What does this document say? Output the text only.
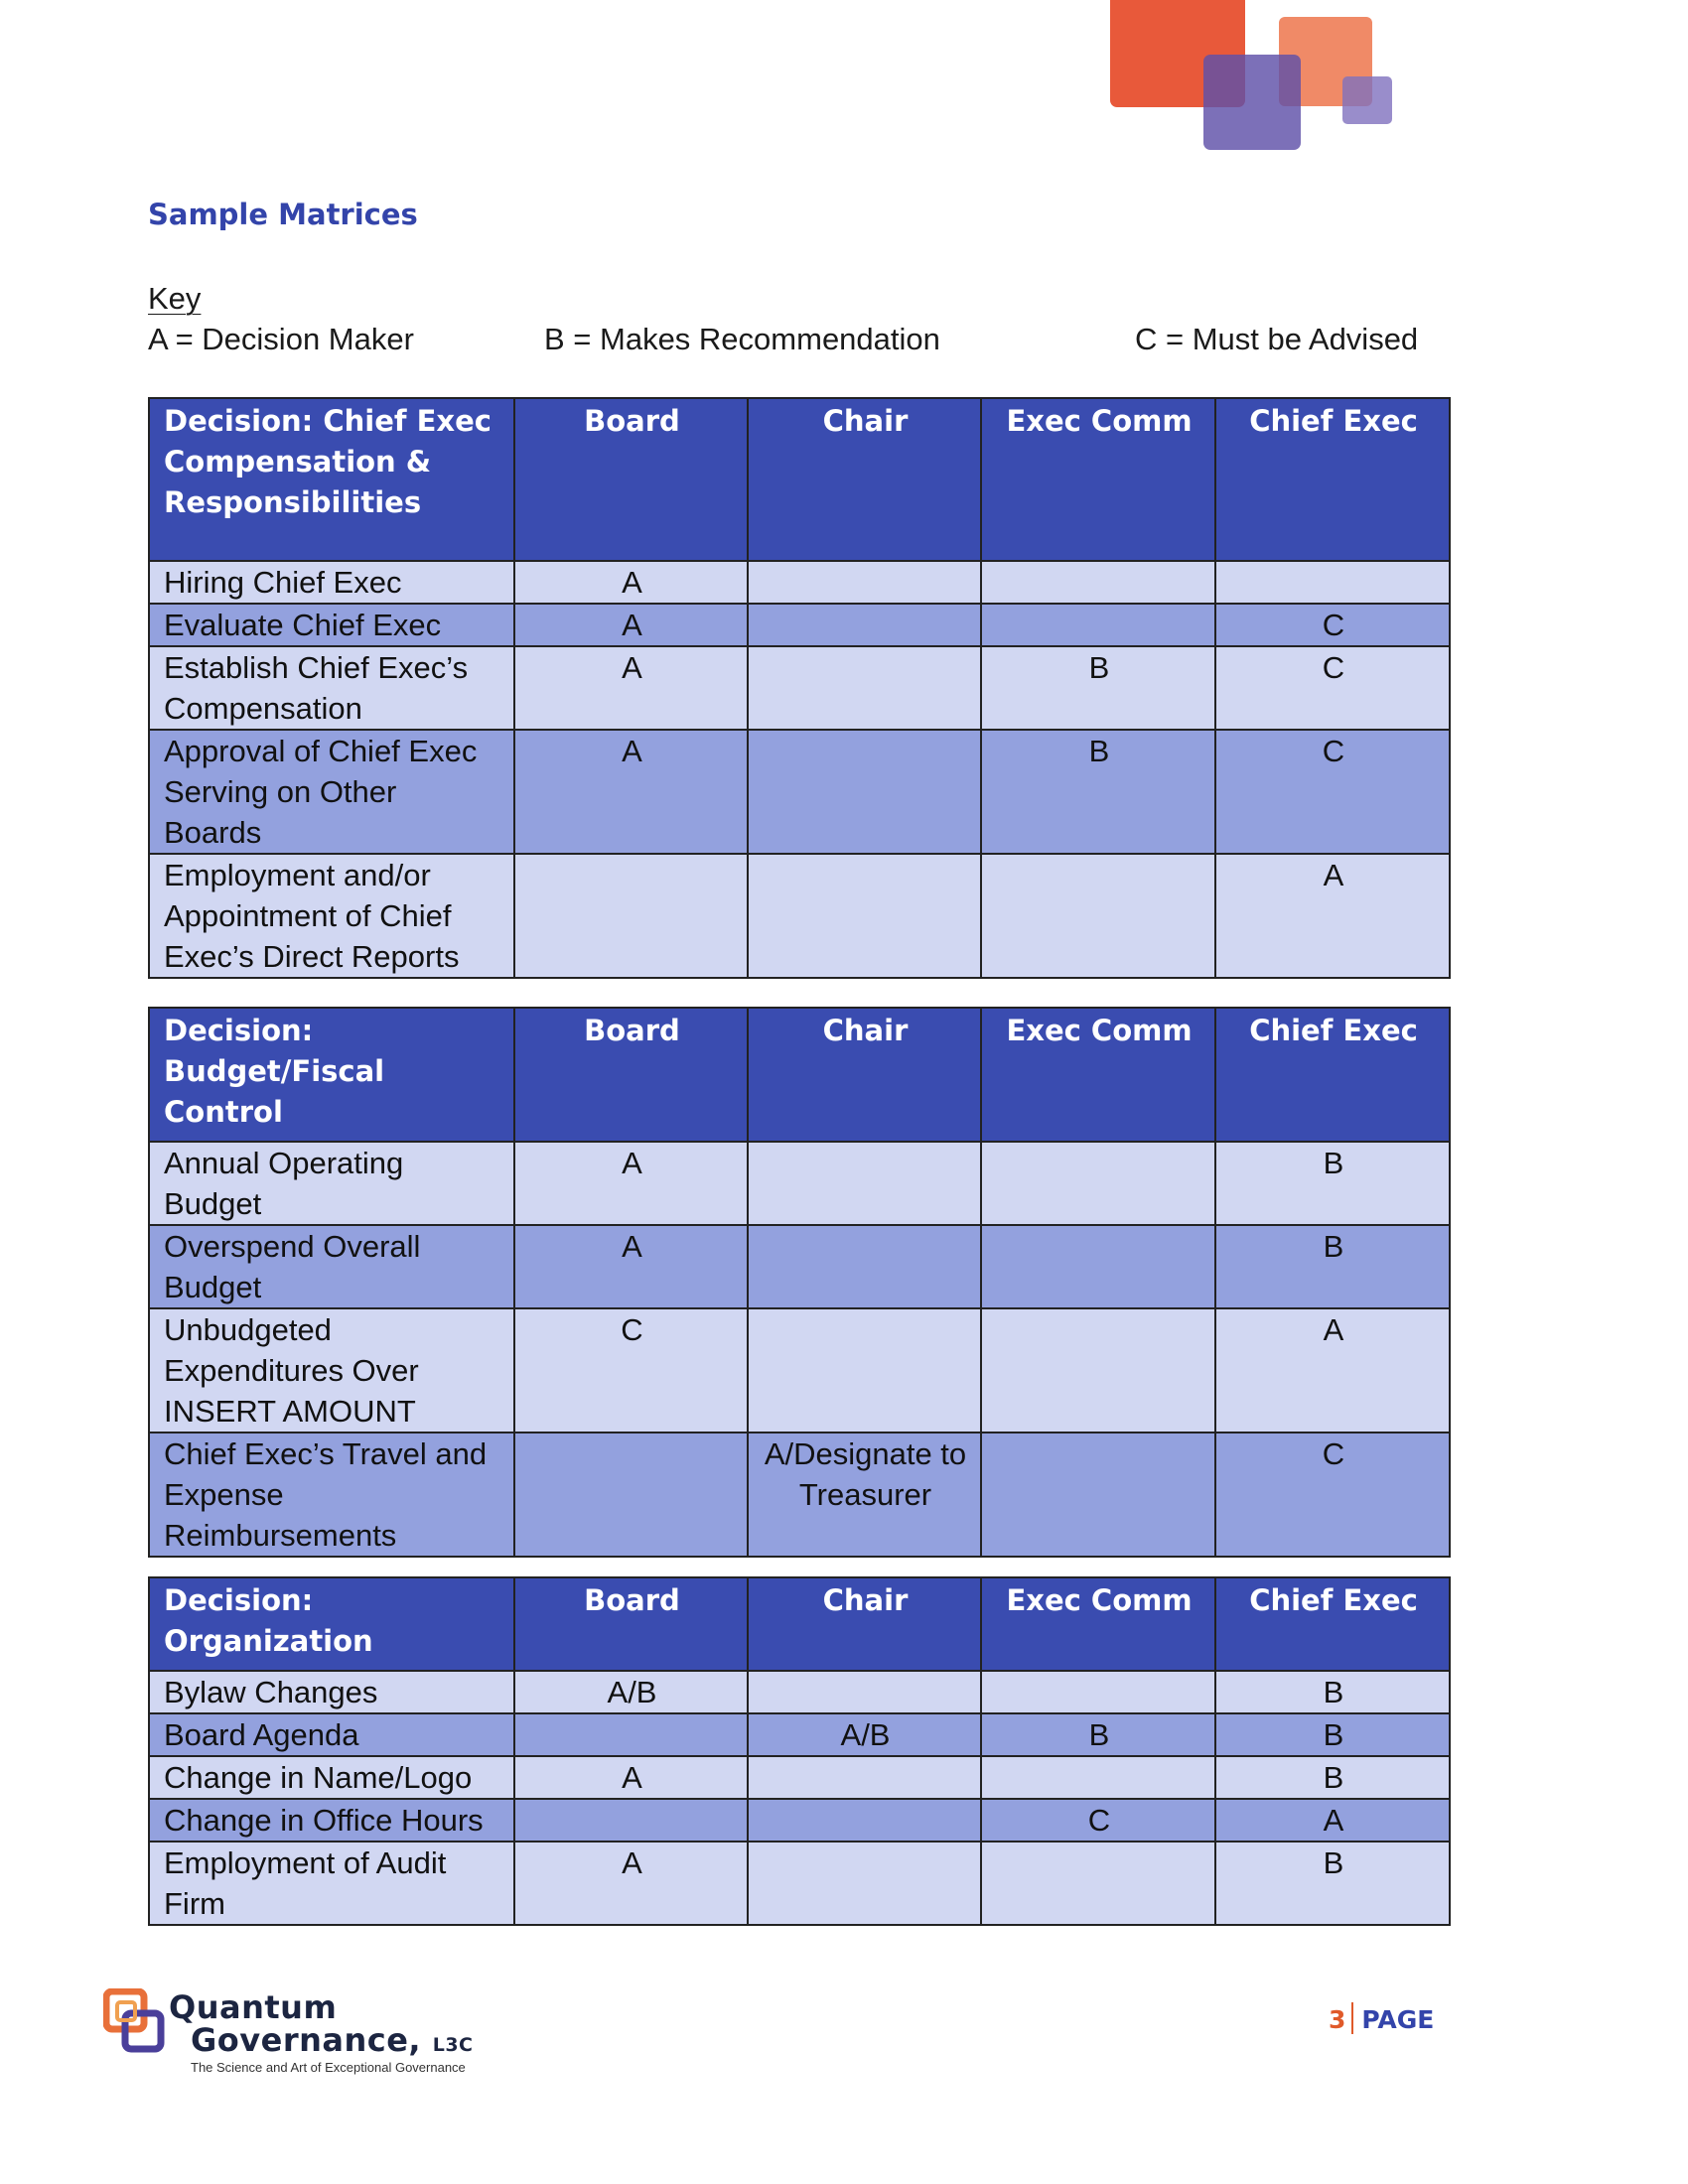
Sample Matrices
Key
A = Decision Maker	B = Makes Recommendation	C = Must be Advised
Decision: Chief Exec Compensation & Responsibilities	Board	Chair	Exec Comm	Chief Exec
Hiring Chief Exec	A			
Evaluate Chief Exec	A			C
Establish Chief Exec’s Compensation	A		B	C
Approval of Chief Exec Serving on Other Boards	A		B	C
Employment and/or Appointment of Chief Exec’s Direct Reports				A
Decision: Budget/Fiscal Control	Board	Chair	Exec Comm	Chief Exec
Annual Operating Budget	A			B
Overspend Overall Budget	A			B
Unbudgeted Expenditures Over INSERT AMOUNT	C			A
Chief Exec’s Travel and Expense Reimbursements		A/Designate to Treasurer		C
Decision: Organization	Board	Chair	Exec Comm	Chief Exec
Bylaw Changes	A/B			B
Board Agenda		A/B	B	B
Change in Name/Logo	A			B
Change in Office Hours			C	A
Employment of Audit Firm	A			B
Quantum
Governance, L3C
The Science and Art of Exceptional Governance
3 PAGE
